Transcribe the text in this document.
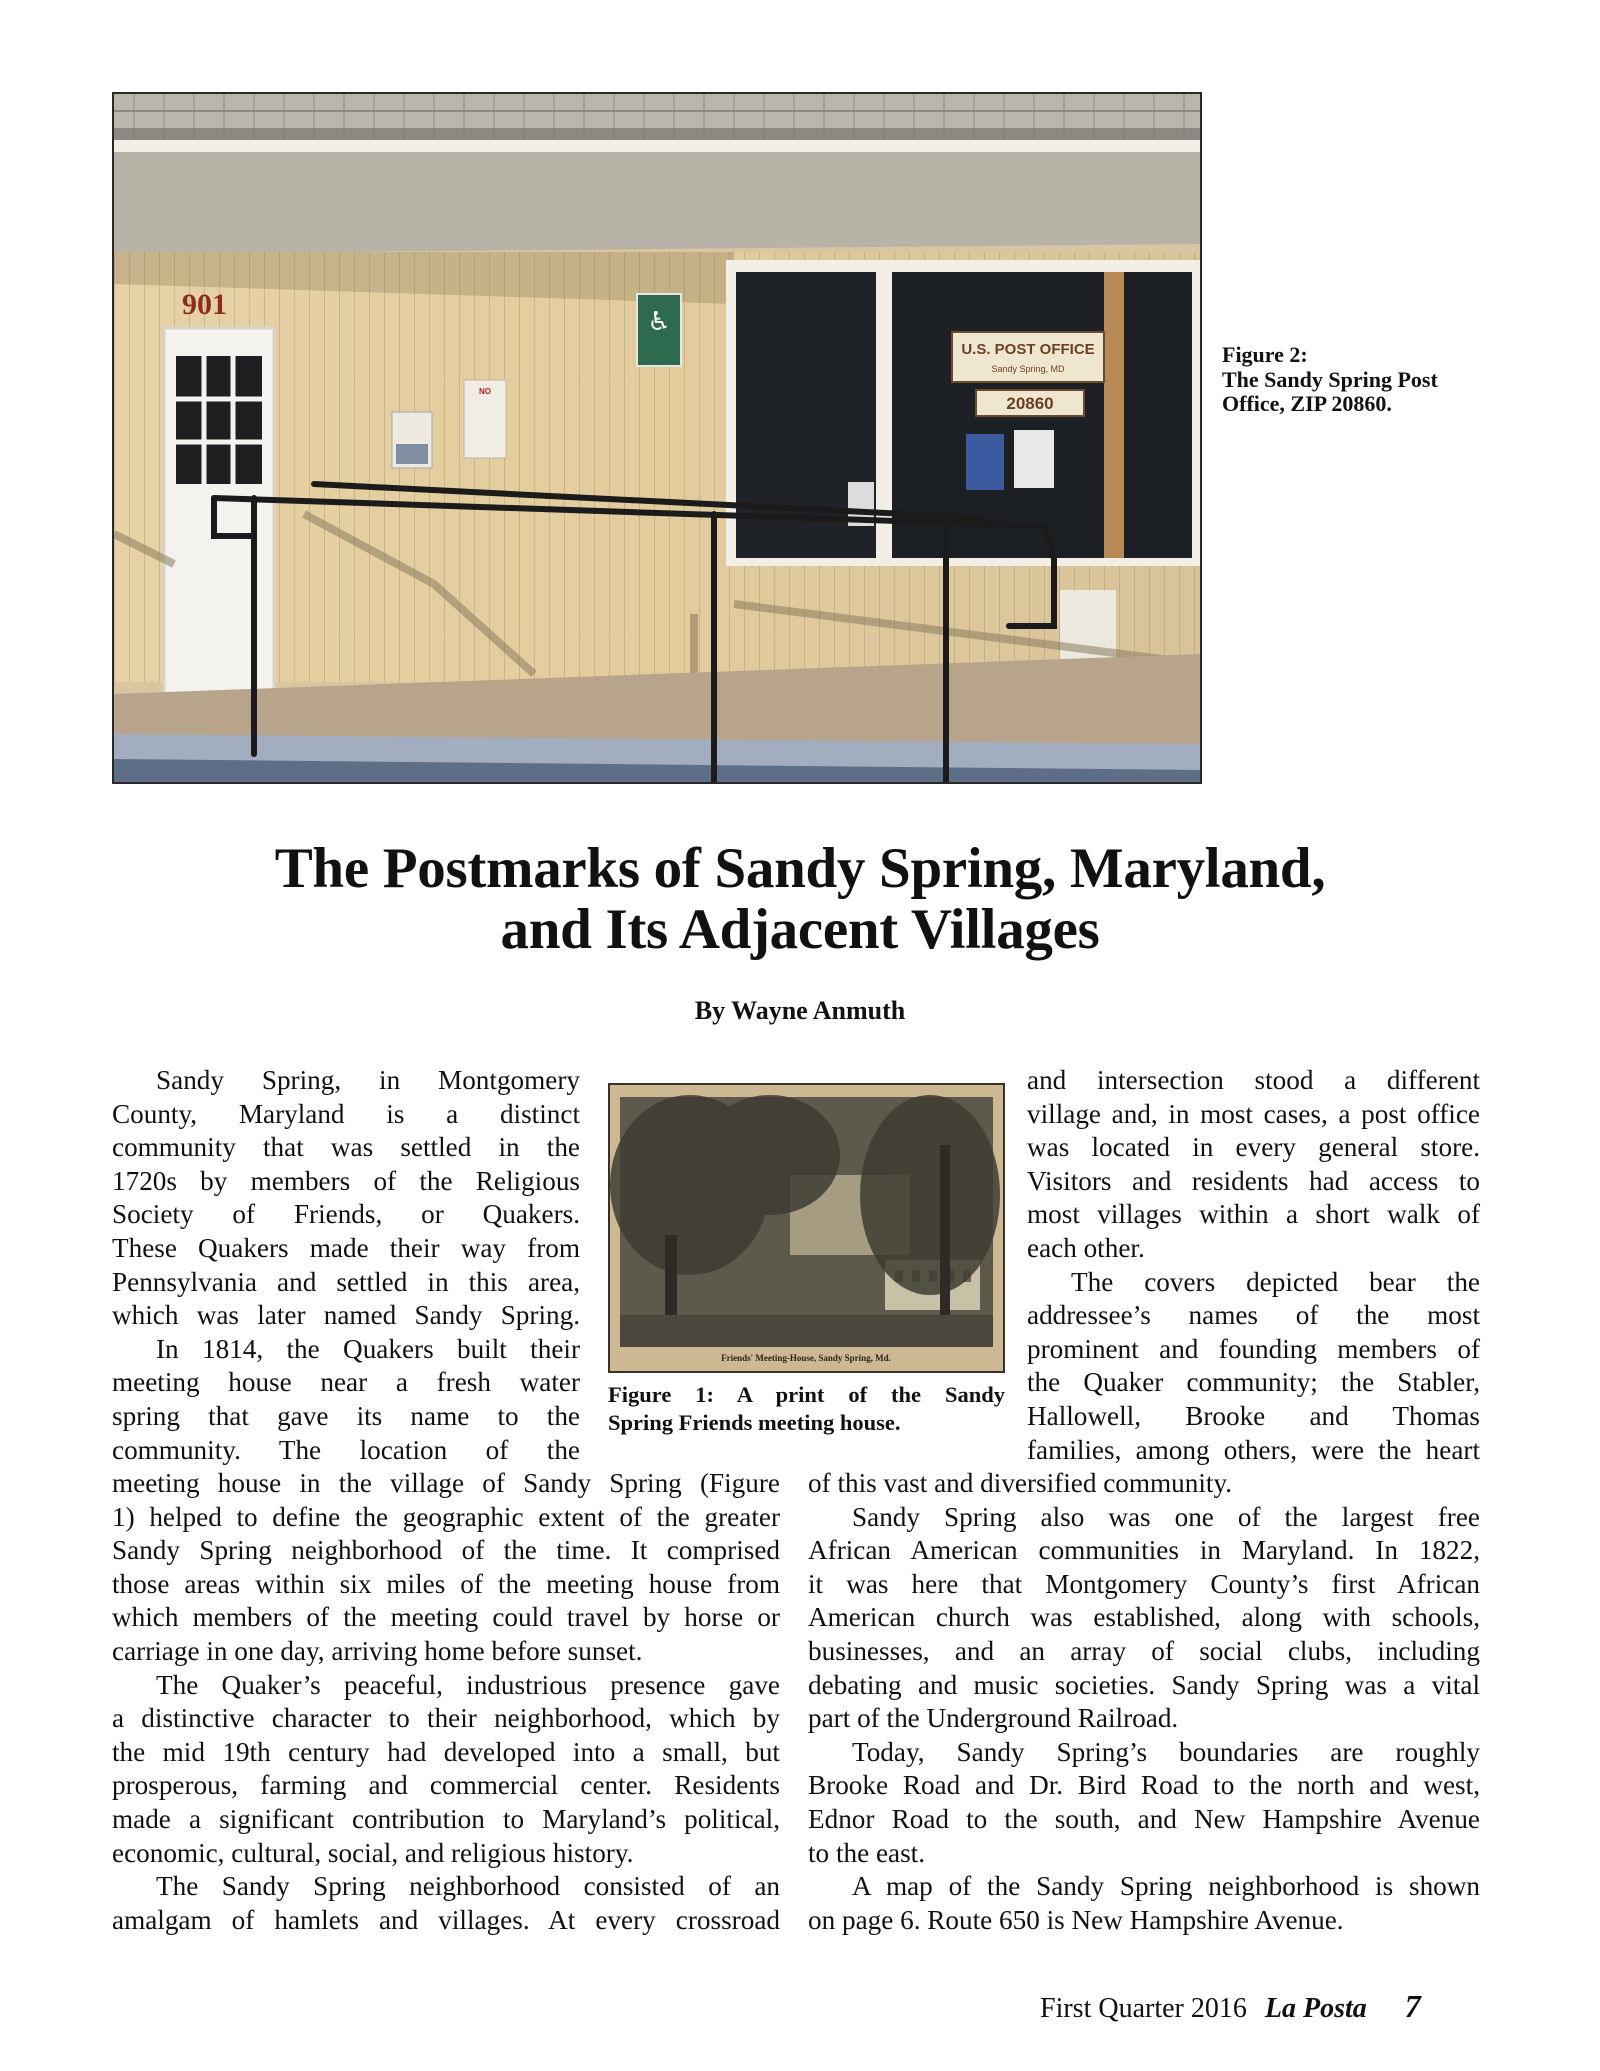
901
NO
♿
U.S. POST OFFICE
Sandy Spring, MD
20860
Figure 2:
The Sandy Spring Post
Office, ZIP 20860.
The Postmarks of Sandy Spring, Maryland,
and Its Adjacent Villages
By Wayne Anmuth
Friends' Meeting-House, Sandy Spring, Md.
Figure 1: A print of the Sandy
Spring Friends meeting house.
Sandy Spring, in Montgomery
County, Maryland is a distinct
community that was settled in the
1720s by members of the Religious
Society of Friends, or Quakers.
These Quakers made their way from
Pennsylvania and settled in this area,
which was later named Sandy Spring.
In 1814, the Quakers built their
meeting house near a fresh water
spring that gave its name to the
community. The location of the
meeting house in the village of Sandy Spring (Figure
1) helped to define the geographic extent of the greater
Sandy Spring neighborhood of the time. It comprised
those areas within six miles of the meeting house from
which members of the meeting could travel by horse or
carriage in one day, arriving home before sunset.
The Quaker’s peaceful, industrious presence gave
a distinctive character to their neighborhood, which by
the mid 19th century had developed into a small, but
prosperous, farming and commercial center. Residents
made a significant contribution to Maryland’s political,
economic, cultural, social, and religious history.
The Sandy Spring neighborhood consisted of an
amalgam of hamlets and villages. At every crossroad
and intersection stood a different
village and, in most cases, a post office
was located in every general store.
Visitors and residents had access to
most villages within a short walk of
each other.
The covers depicted bear the
addressee’s names of the most
prominent and founding members of
the Quaker community; the Stabler,
Hallowell, Brooke and Thomas
families, among others, were the heart
of this vast and diversified community.
Sandy Spring also was one of the largest free
African American communities in Maryland. In 1822,
it was here that Montgomery County’s first African
American church was established, along with schools,
businesses, and an array of social clubs, including
debating and music societies. Sandy Spring was a vital
part of the Underground Railroad.
Today, Sandy Spring’s boundaries are roughly
Brooke Road and Dr. Bird Road to the north and west,
Ednor Road to the south, and New Hampshire Avenue
to the east.
A map of the Sandy Spring neighborhood is shown
on page 6. Route 650 is New Hampshire Avenue.
First Quarter 2016 La Posta 7
